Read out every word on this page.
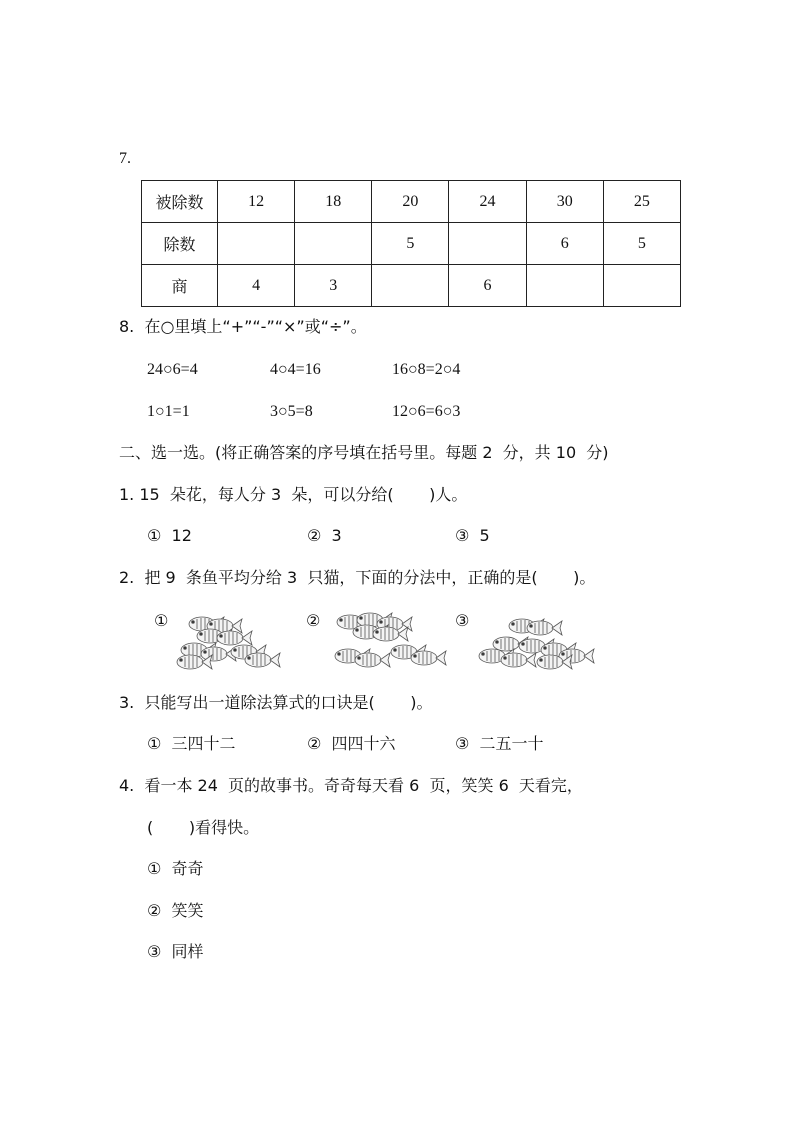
7.
被除数	12	18	20	24	30	25
除数			5		6	5
商	4	3		6		
8.  在○里填上“+”“-”“×”或“÷”。
24○6=4	4○4=16	16○8=2○4
1○1=1	3○5=8	12○6=6○3
二、选一选。(将正确答案的序号填在括号里。每题 2  分，共 10  分)
1. 15  朵花，每人分 3  朵，可以分给(       )人。
①  12	②  3	③  5
2.  把 9  条鱼平均分给 3  只猫，下面的分法中，正确的是(       )。
①	②	③
3.  只能写出一道除法算式的口诀是(       )。
①  三四十二	②  四四十六	③  二五一十
4.  看一本 24  页的故事书。奇奇每天看 6  页，笑笑 6  天看完，
(       )看得快。
①  奇奇
②  笑笑
③  同样
